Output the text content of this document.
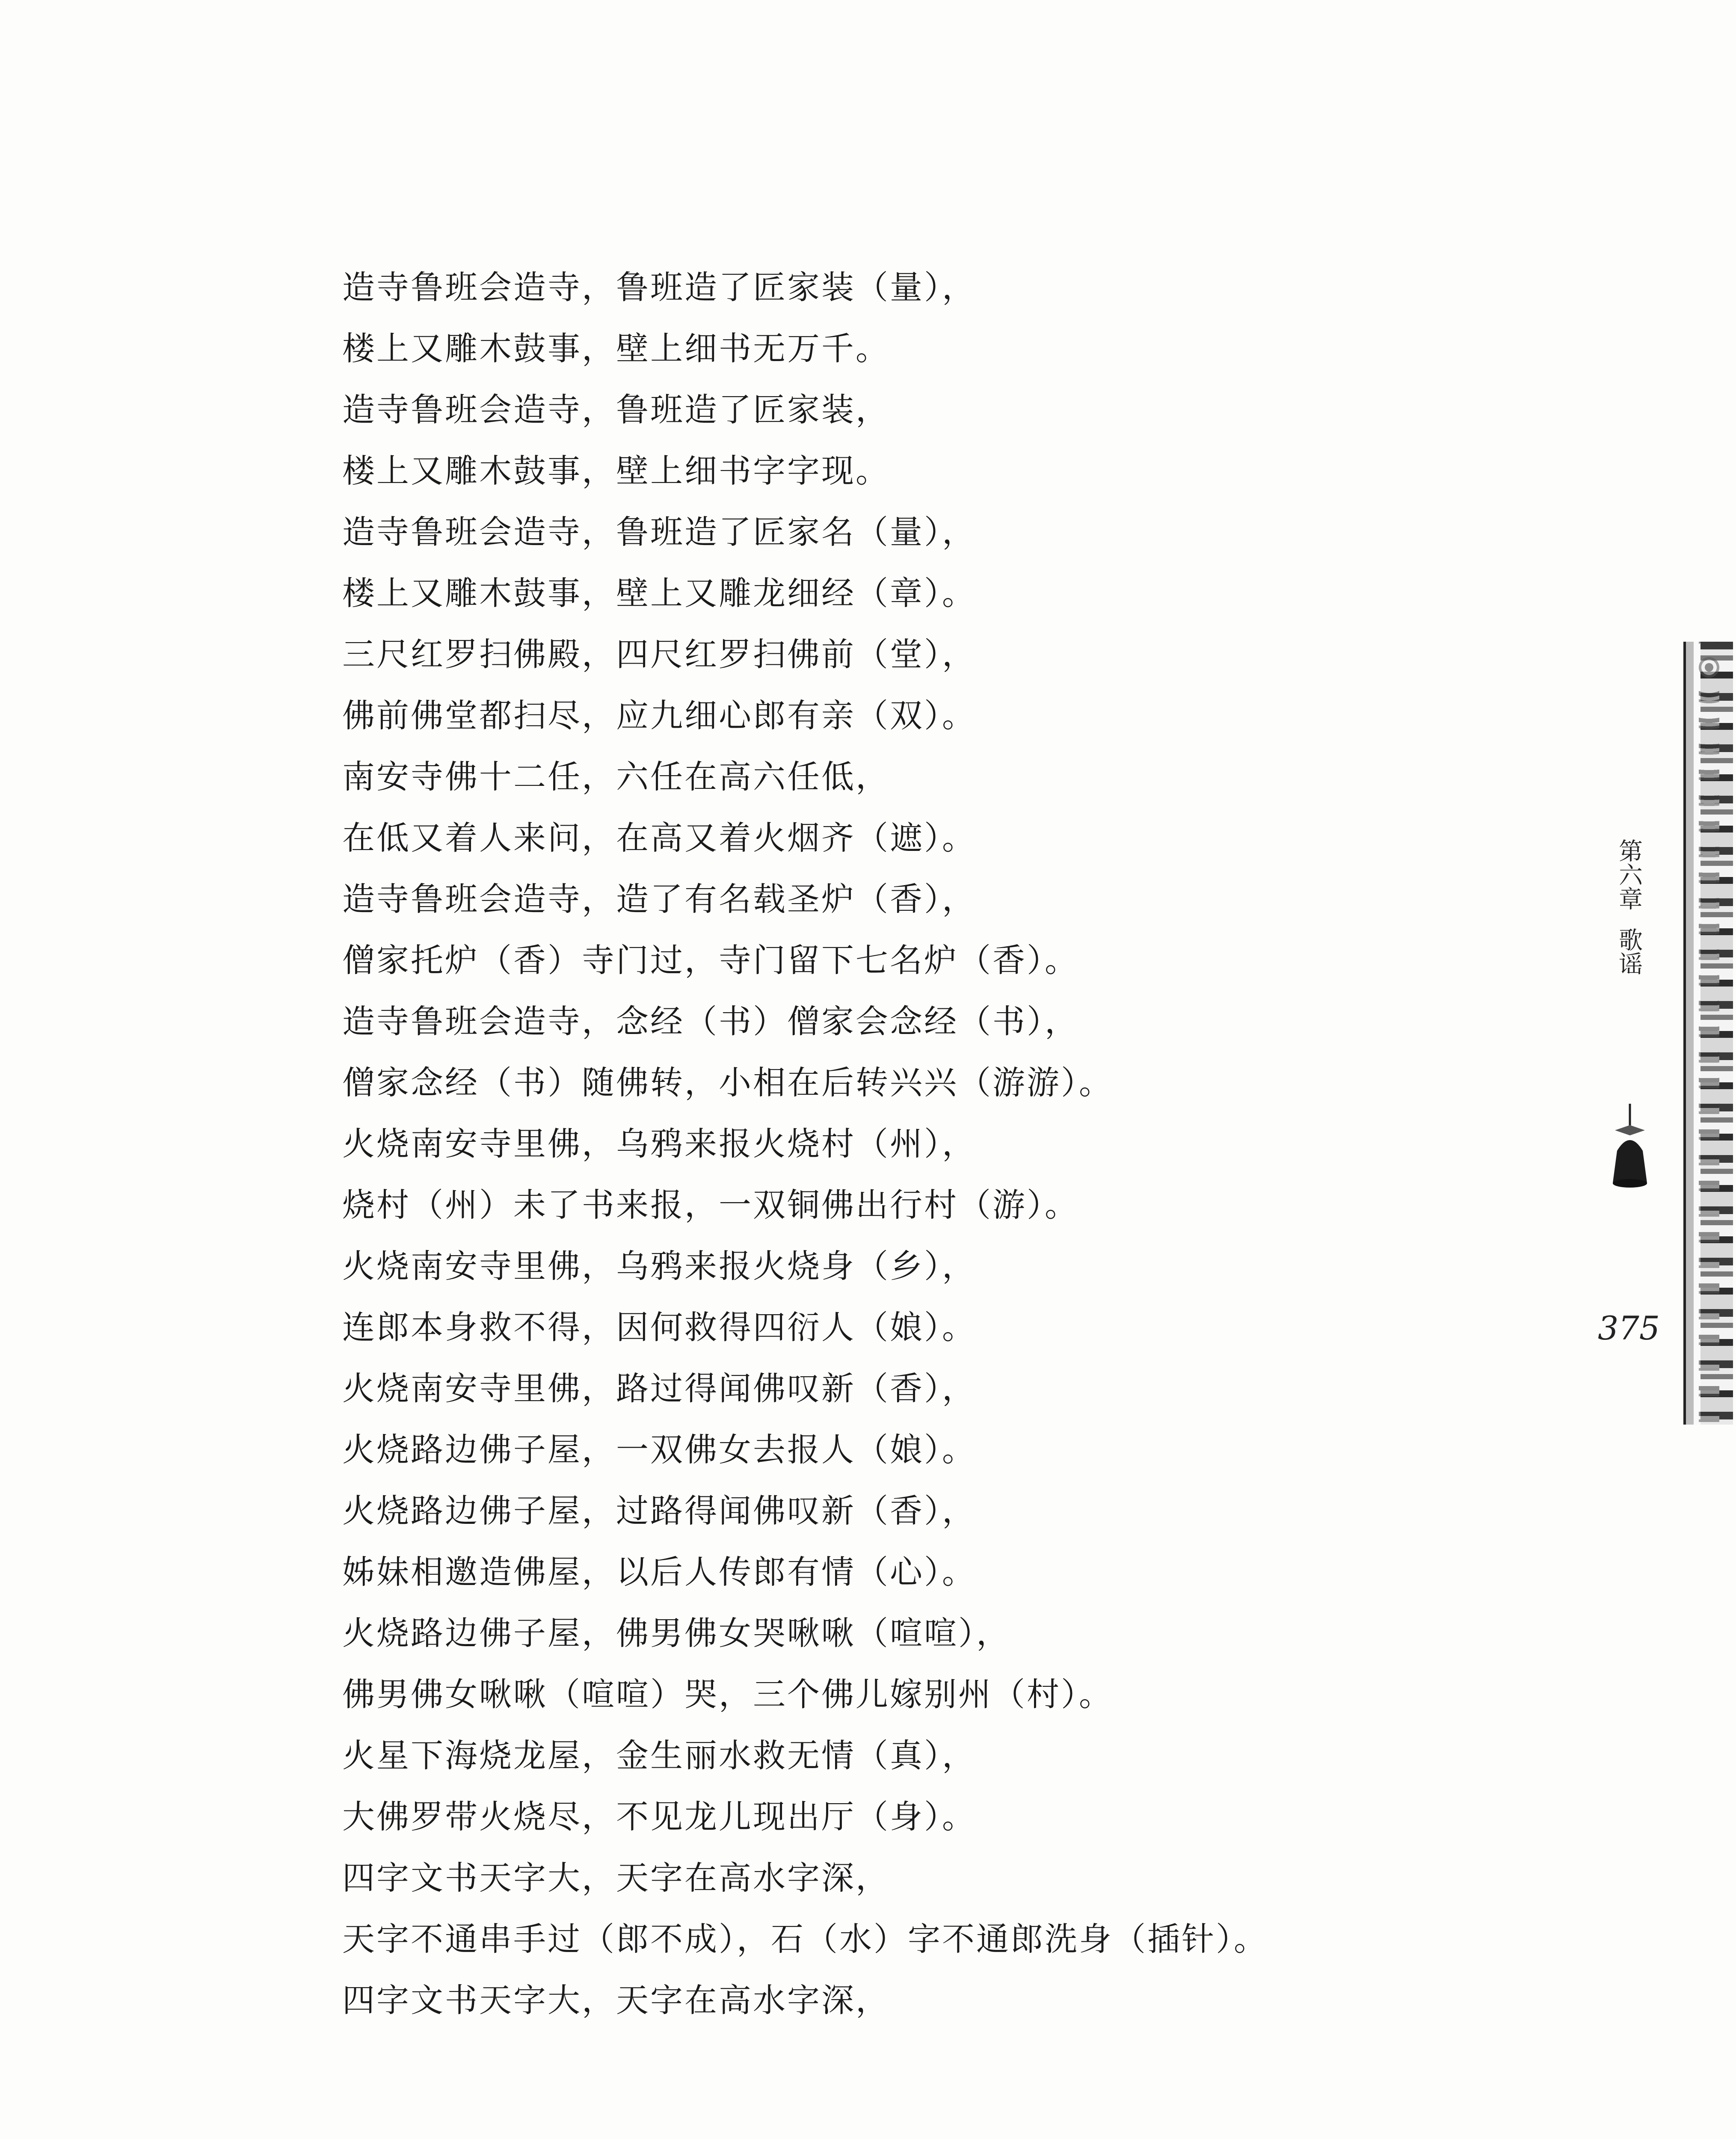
造寺鲁班会造寺，鲁班造了匠家装（量），
楼上又雕木鼓事，壁上细书无万千。
造寺鲁班会造寺，鲁班造了匠家装，
楼上又雕木鼓事，壁上细书字字现。
造寺鲁班会造寺，鲁班造了匠家名（量），
楼上又雕木鼓事，壁上又雕龙细经（章）。
三尺红罗扫佛殿，四尺红罗扫佛前（堂），
佛前佛堂都扫尽，应九细心郎有亲（双）。
南安寺佛十二任，六任在高六任低，
在低又着人来问，在高又着火烟齐（遮）。
造寺鲁班会造寺，造了有名载圣炉（香），
僧家托炉（香）寺门过，寺门留下七名炉（香）。
造寺鲁班会造寺，念经（书）僧家会念经（书），
僧家念经（书）随佛转，小相在后转兴兴（游游）。
火烧南安寺里佛，乌鸦来报火烧村（州），
烧村（州）未了书来报，一双铜佛出行村（游）。
火烧南安寺里佛，乌鸦来报火烧身（乡），
连郎本身救不得，因何救得四衍人（娘）。
火烧南安寺里佛，路过得闻佛叹新（香），
火烧路边佛子屋，一双佛女去报人（娘）。
火烧路边佛子屋，过路得闻佛叹新（香），
姊妹相邀造佛屋，以后人传郎有情（心）。
火烧路边佛子屋，佛男佛女哭啾啾（喧喧），
佛男佛女啾啾（喧喧）哭，三个佛儿嫁别州（村）。
火星下海烧龙屋，金生丽水救无情（真），
大佛罗带火烧尽，不见龙儿现出厅（身）。
四字文书天字大，天字在高水字深，
天字不通串手过（郎不成），石（水）字不通郎洗身（插针）。
四字文书天字大，天字在高水字深，
第六章
歌谣
375
